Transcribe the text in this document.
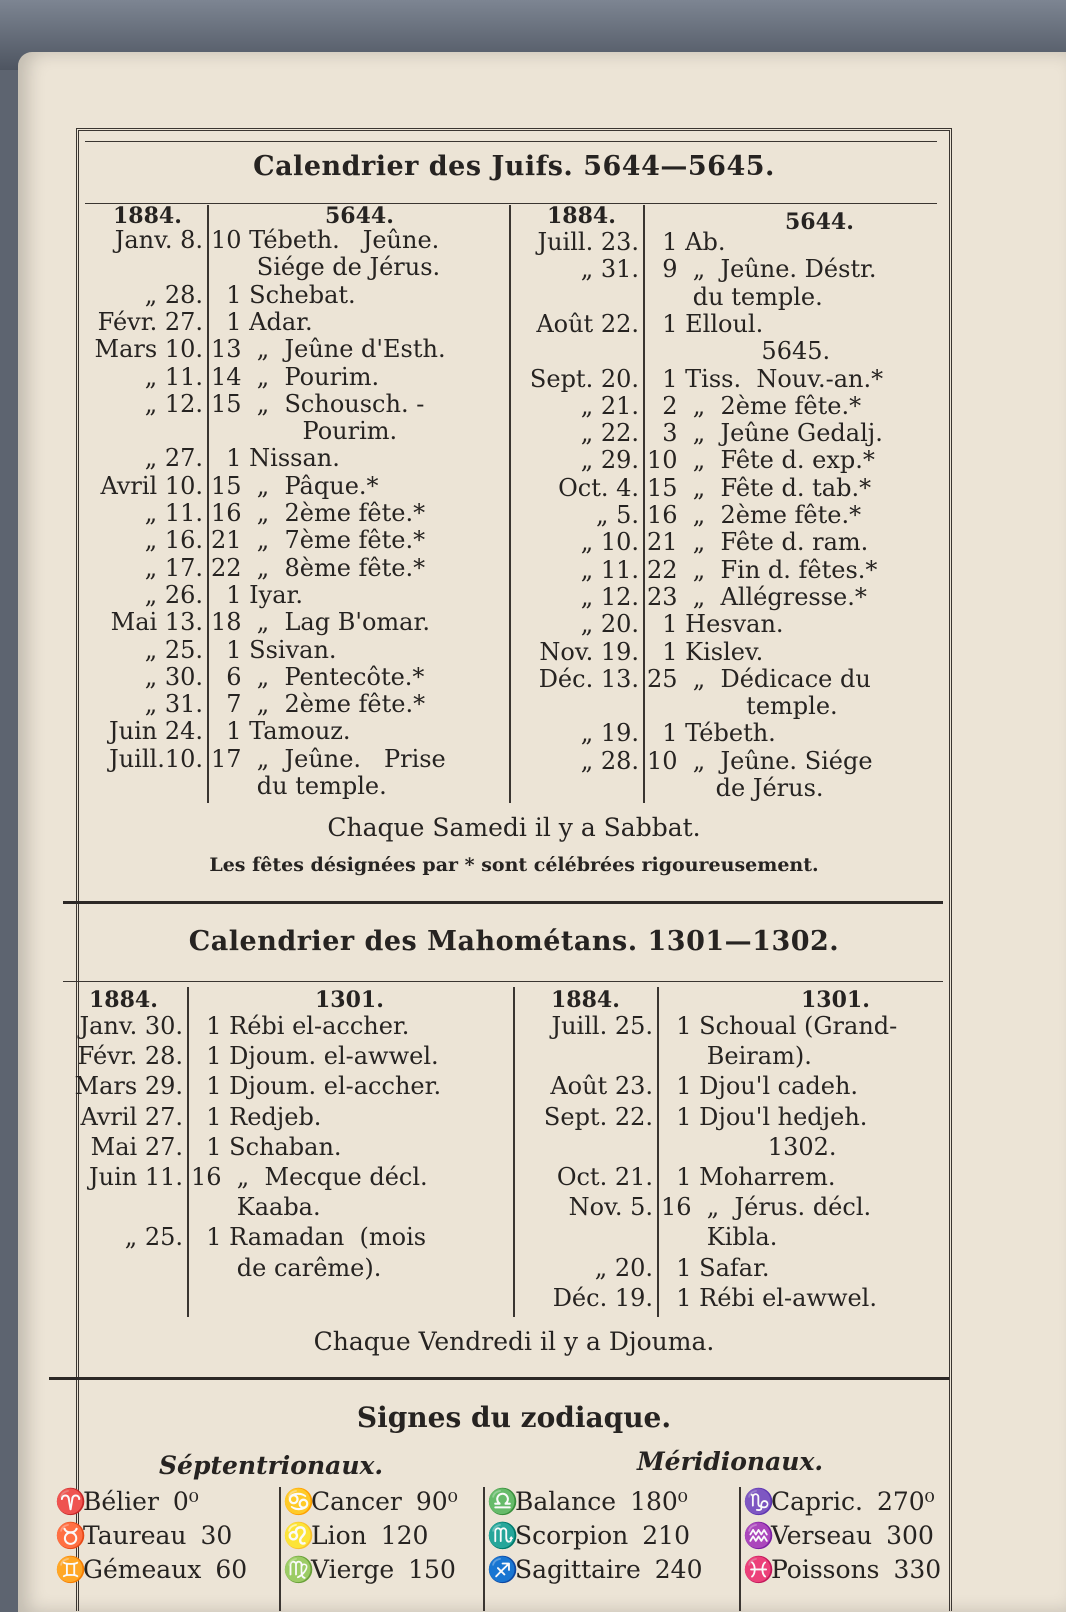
Calendrier des Juifs. 5644—5645.
1884.	5644.	1884.	5644.
Janv. 8. 10 Tébeth.   Jeûne.
Siége de Jérus.
„ 28. 1 Schebat.
Févr. 27. 1 Adar.
Mars 10. 13  „  Jeûne d'Esth.
„ 11. 14  „  Pourim.
„ 12. 15  „  Schousch. -
Pourim.
„ 27. 1 Nissan.
Avril 10. 15  „  Pâque.*
„ 11. 16  „  2ème fête.*
„ 16. 21  „  7ème fête.*
„ 17. 22  „  8ème fête.*
„ 26. 1 Iyar.
Mai 13. 18  „  Lag B'omar.
„ 25. 1 Ssivan.
„ 30. 6  „  Pentecôte.*
„ 31. 7  „  2ème fête.*
Juin 24. 1 Tamouz.
Juill.10. 17  „  Jeûne.   Prise
du temple.
Juill. 23. 1 Ab.
„ 31. 9  „  Jeûne. Déstr.
du temple.
Août 22. 1 Elloul.
5645.
Sept. 20. 1 Tiss.  Nouv.-an.*
„ 21. 2  „  2ème fête.*
„ 22. 3  „  Jeûne Gedalj.
„ 29. 10  „  Fête d. exp.*
Oct. 4. 15  „  Fête d. tab.*
„ 5. 16  „  2ème fête.*
„ 10. 21  „  Fête d. ram.
„ 11. 22  „  Fin d. fêtes.*
„ 12. 23  „  Allégresse.*
„ 20. 1 Hesvan.
Nov. 19. 1 Kislev.
Déc. 13. 25  „  Dédicace du
temple.
„ 19. 1 Tébeth.
„ 28. 10  „  Jeûne. Siége
de Jérus.
Chaque Samedi il y a Sabbat.
Les fêtes désignées par * sont célébrées rigoureusement.
Calendrier des Mahométans. 1301—1302.
1884.	1301.	1884.	1301.
Janv. 30. 1 Rébi el-accher.
Févr. 28. 1 Djoum. el-awwel.
Mars 29. 1 Djoum. el-accher.
Avril 27. 1 Redjeb.
Mai 27. 1 Schaban.
Juin 11. 16  „  Mecque décl.
Kaaba.
„ 25. 1 Ramadan  (mois
de carême).
Juill. 25. 1 Schoual (Grand-
Beiram).
Août 23. 1 Djou'l cadeh.
Sept. 22. 1 Djou'l hedjeh.
1302.
Oct. 21. 1 Moharrem.
Nov. 5. 16  „  Jérus. décl.
Kibla.
„ 20. 1 Safar.
Déc. 19. 1 Rébi el-awwel.
Chaque Vendredi il y a Djouma.
Signes du zodiaque.
Séptentrionaux.	Méridionaux.
♈Bélier 0⁰	♋Cancer 90⁰ ♎Balance 180⁰ ♑Capric. 270⁰
♉Taureau 30 ♌Lion 120 ♏Scorpion 210 ♒Verseau 300
♊Gémeaux 60 ♍Vierge 150 ♐Sagittaire 240 ♓Poissons 330
